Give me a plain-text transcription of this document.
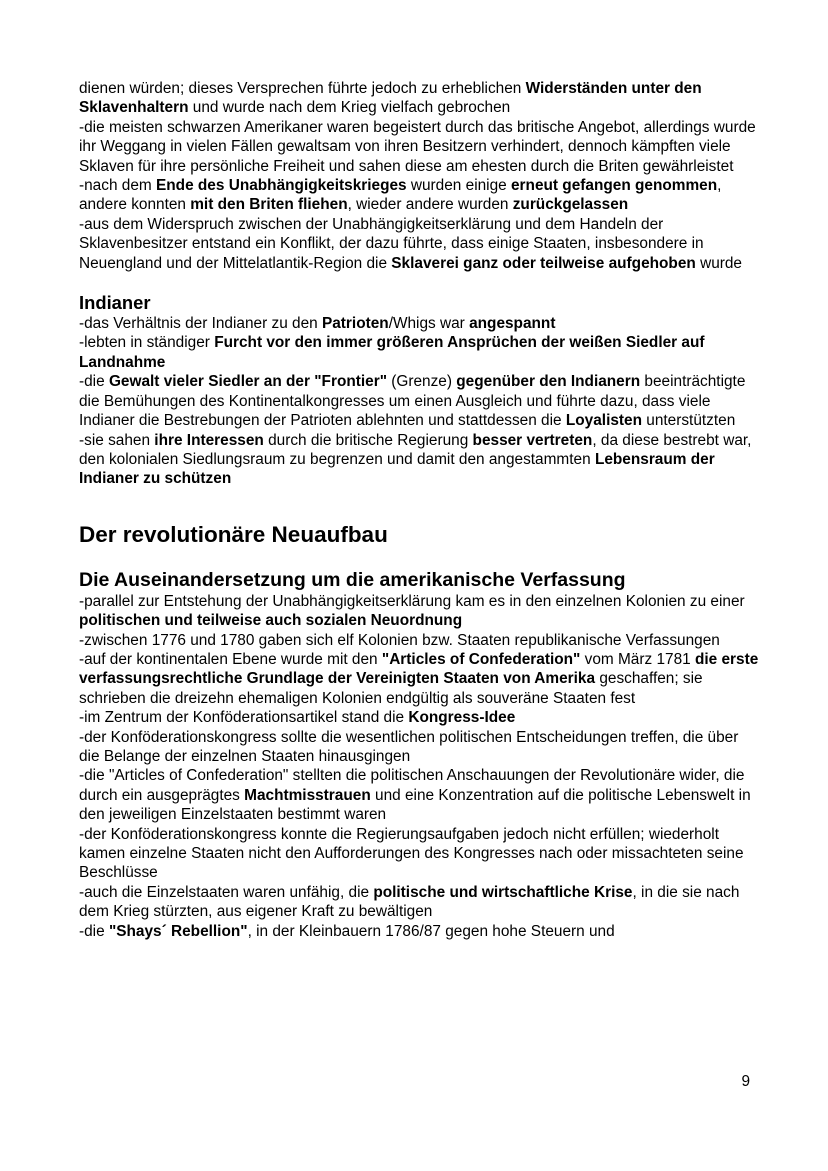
dienen würden; dieses Versprechen führte jedoch zu erheblichen Widerständen unter den Sklavenhaltern und wurde nach dem Krieg vielfach gebrochen

-die meisten schwarzen Amerikaner waren begeistert durch das britische Angebot, allerdings wurde ihr Weggang in vielen Fällen gewaltsam von ihren Besitzern verhindert, dennoch kämpften viele Sklaven für ihre persönliche Freiheit und sahen diese am ehesten durch die Briten gewährleistet

-nach dem Ende des Unabhängigkeitskrieges wurden einige erneut gefangen genommen, andere konnten mit den Briten fliehen, wieder andere wurden zurückgelassen

-aus dem Widerspruch zwischen der Unabhängigkeitserklärung und dem Handeln der Sklavenbesitzer entstand ein Konflikt, der dazu führte, dass einige Staaten, insbesondere in Neuengland und der Mittelatlantik-Region die Sklaverei ganz oder teilweise aufgehoben wurde

Indianer

-das Verhältnis der Indianer zu den Patrioten/Whigs war angespannt

-lebten in ständiger Furcht vor den immer größeren Ansprüchen der weißen Siedler auf Landnahme

-die Gewalt vieler Siedler an der "Frontier" (Grenze) gegenüber den Indianern beeinträchtigte die Bemühungen des Kontinentalkongresses um einen Ausgleich und führte dazu, dass viele Indianer die Bestrebungen der Patrioten ablehnten und stattdessen die Loyalisten unterstützten

-sie sahen ihre Interessen durch die britische Regierung besser vertreten, da diese bestrebt war, den kolonialen Siedlungsraum zu begrenzen und damit den angestammten Lebensraum der Indianer zu schützen

Der revolutionäre Neuaufbau
Die Auseinandersetzung um die amerikanische Verfassung

-parallel zur Entstehung der Unabhängigkeitserklärung kam es in den einzelnen Kolonien zu einer politischen und teilweise auch sozialen Neuordnung

-zwischen 1776 und 1780 gaben sich elf Kolonien bzw. Staaten republikanische Verfassungen

-auf der kontinentalen Ebene wurde mit den "Articles of Confederation" vom März 1781 die erste verfassungsrechtliche Grundlage der Vereinigten Staaten von Amerika geschaffen; sie schrieben die dreizehn ehemaligen Kolonien endgültig als souveräne Staaten fest

-im Zentrum der Konföderationsartikel stand die Kongress-Idee

-der Konföderationskongress sollte die wesentlichen politischen Entscheidungen treffen, die über die Belange der einzelnen Staaten hinausgingen

-die "Articles of Confederation" stellten die politischen Anschauungen der Revolutionäre wider, die durch ein ausgeprägtes Machtmisstrauen und eine Konzentration auf die politische Lebenswelt in den jeweiligen Einzelstaaten bestimmt waren

-der Konföderationskongress konnte die Regierungsaufgaben jedoch nicht erfüllen; wiederholt kamen einzelne Staaten nicht den Aufforderungen des Kongresses nach oder missachteten seine Beschlüsse

-auch die Einzelstaaten waren unfähig, die politische und wirtschaftliche Krise, in die sie nach dem Krieg stürzten, aus eigener Kraft zu bewältigen

-die "Shays´ Rebellion", in der Kleinbauern 1786/87 gegen hohe Steuern und

9
